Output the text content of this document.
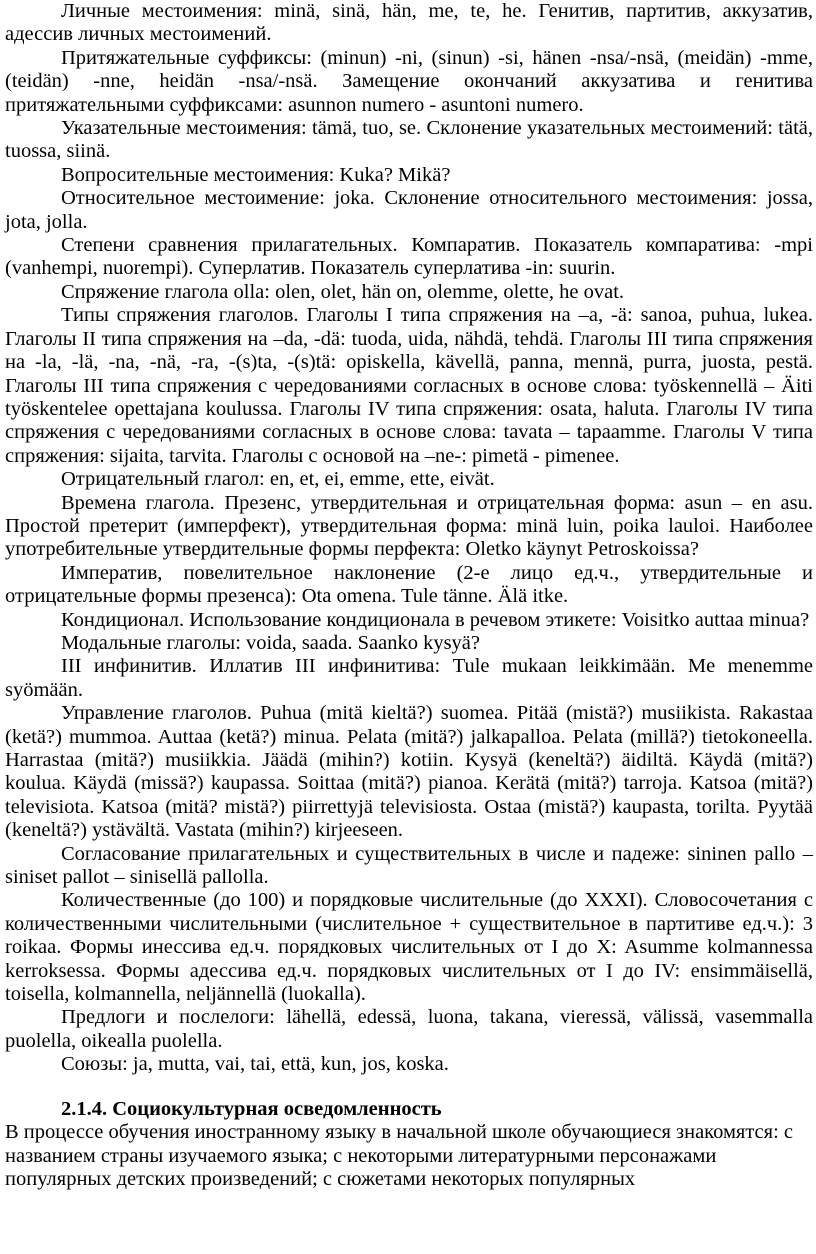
Личные местоимения: minä, sinä, hän, me, te, he. Генитив, партитив, аккузатив, адессив личных местоимений.

Притяжательные суффиксы: (minun) -ni, (sinun) -si, hänen -nsa/-nsä, (meidän) -mme, (teidän) -nne, heidän -nsa/-nsä. Замещение окончаний аккузатива и генитива притяжательными суффиксами: asunnon numero - asuntoni numero.

Указательные местоимения: tämä, tuo, se. Склонение указательных местоимений: tätä, tuossa, siinä.

Вопросительные местоимения: Kuka? Mikä?

Относительное местоимение: joka. Склонение относительного местоимения: jossa, jota, jolla.

Степени сравнения прилагательных. Компаратив. Показатель компаратива: -mpi (vanhempi, nuorempi). Суперлатив. Показатель суперлатива -in: suurin.

Спряжение глагола olla: olen, olet, hän on, olemme, olette, he ovat.

Типы спряжения глаголов. Глаголы I типа спряжения на –a, -ä: sanoa, puhua, lukea. Глаголы II типа спряжения на –da, -dä: tuoda, uida, nähdä, tehdä. Глаголы III типа спряжения на -la, -lä, -na, -nä, -ra, -(s)ta, -(s)tä: opiskella, kävellä, panna, mennä, purra, juosta, pestä. Глаголы III типа спряжения с чередованиями согласных в основе слова: työskennellä – Äiti työskentelee opettajana koulussa. Глаголы IV типа спряжения: osata, haluta. Глаголы IV типа спряжения с чередованиями согласных в основе слова: tavata – tapaamme. Глаголы V типа спряжения: sijaita, tarvita. Глаголы с основой на –ne-: pimetä - pimenee.

Отрицательный глагол: en, et, ei, emme, ette, eivät.

Времена глагола. Презенс, утвердительная и отрицательная форма: asun – en asu. Простой претерит (имперфект), утвердительная форма: minä luin, poika lauloi. Наиболее употребительные утвердительные формы перфекта: Oletko käynyt Petroskoissa?

Императив, повелительное наклонение (2-е лицо ед.ч., утвердительные и отрицательные формы презенса): Ota omena. Tule tänne. Älä itke.

Кондиционал. Использование кондиционала в речевом этикете: Voisitko auttaa minua?

Модальные глаголы: voida, saada. Saanko kysyä?

III инфинитив. Иллатив III инфинитива: Tule mukaan leikkimään. Me menemme syömään.

Управление глаголов. Puhua (mitä kieltä?) suomea. Pitää (mistä?) musiikista. Rakastaa (ketä?) mummoa. Auttaa (ketä?) minua. Pelata (mitä?) jalkapalloa. Pelata (millä?) tietokoneella. Harrastaa (mitä?) musiikkia. Jäädä (mihin?) kotiin. Kysyä (keneltä?) äidiltä. Käydä (mitä?) koulua. Käydä (missä?) kaupassa. Soittaa (mitä?) pianoa. Kerätä (mitä?) tarroja. Katsoa (mitä?) televisiota. Katsoa (mitä? mistä?) piirrettyjä televisiosta. Ostaa (mistä?) kaupasta, torilta. Pyytää (keneltä?) ystävältä. Vastata (mihin?) kirjeeseen.

Согласование прилагательных и существительных в числе и падеже: sininen pallo – siniset pallot – sinisellä pallolla.

Количественные (до 100) и порядковые числительные (до XXXI). Словосочетания с количественными числительными (числительное + существительное в партитиве ед.ч.): 3 roikaa. Формы инессива ед.ч. порядковых числительных от I до X: Asumme kolmannessa kerroksessa. Формы адессива ед.ч. порядковых числительных от I до IV: ensimmäisellä, toisella, kolmannella, neljännellä (luokalla).

Предлоги и послелоги: lähellä, edessä, luona, takana, vieressä, välissä, vasemmalla puolella, oikealla puolella.

Союзы: ja, mutta, vai, tai, että, kun, jos, koska.

2.1.4. Социокультурная осведомленность

В процессе обучения иностранному языку в начальной школе обучающиеся знакомятся: с названием страны изучаемого языка; с некоторыми литературными персонажами популярных детских произведений; с сюжетами некоторых популярных
